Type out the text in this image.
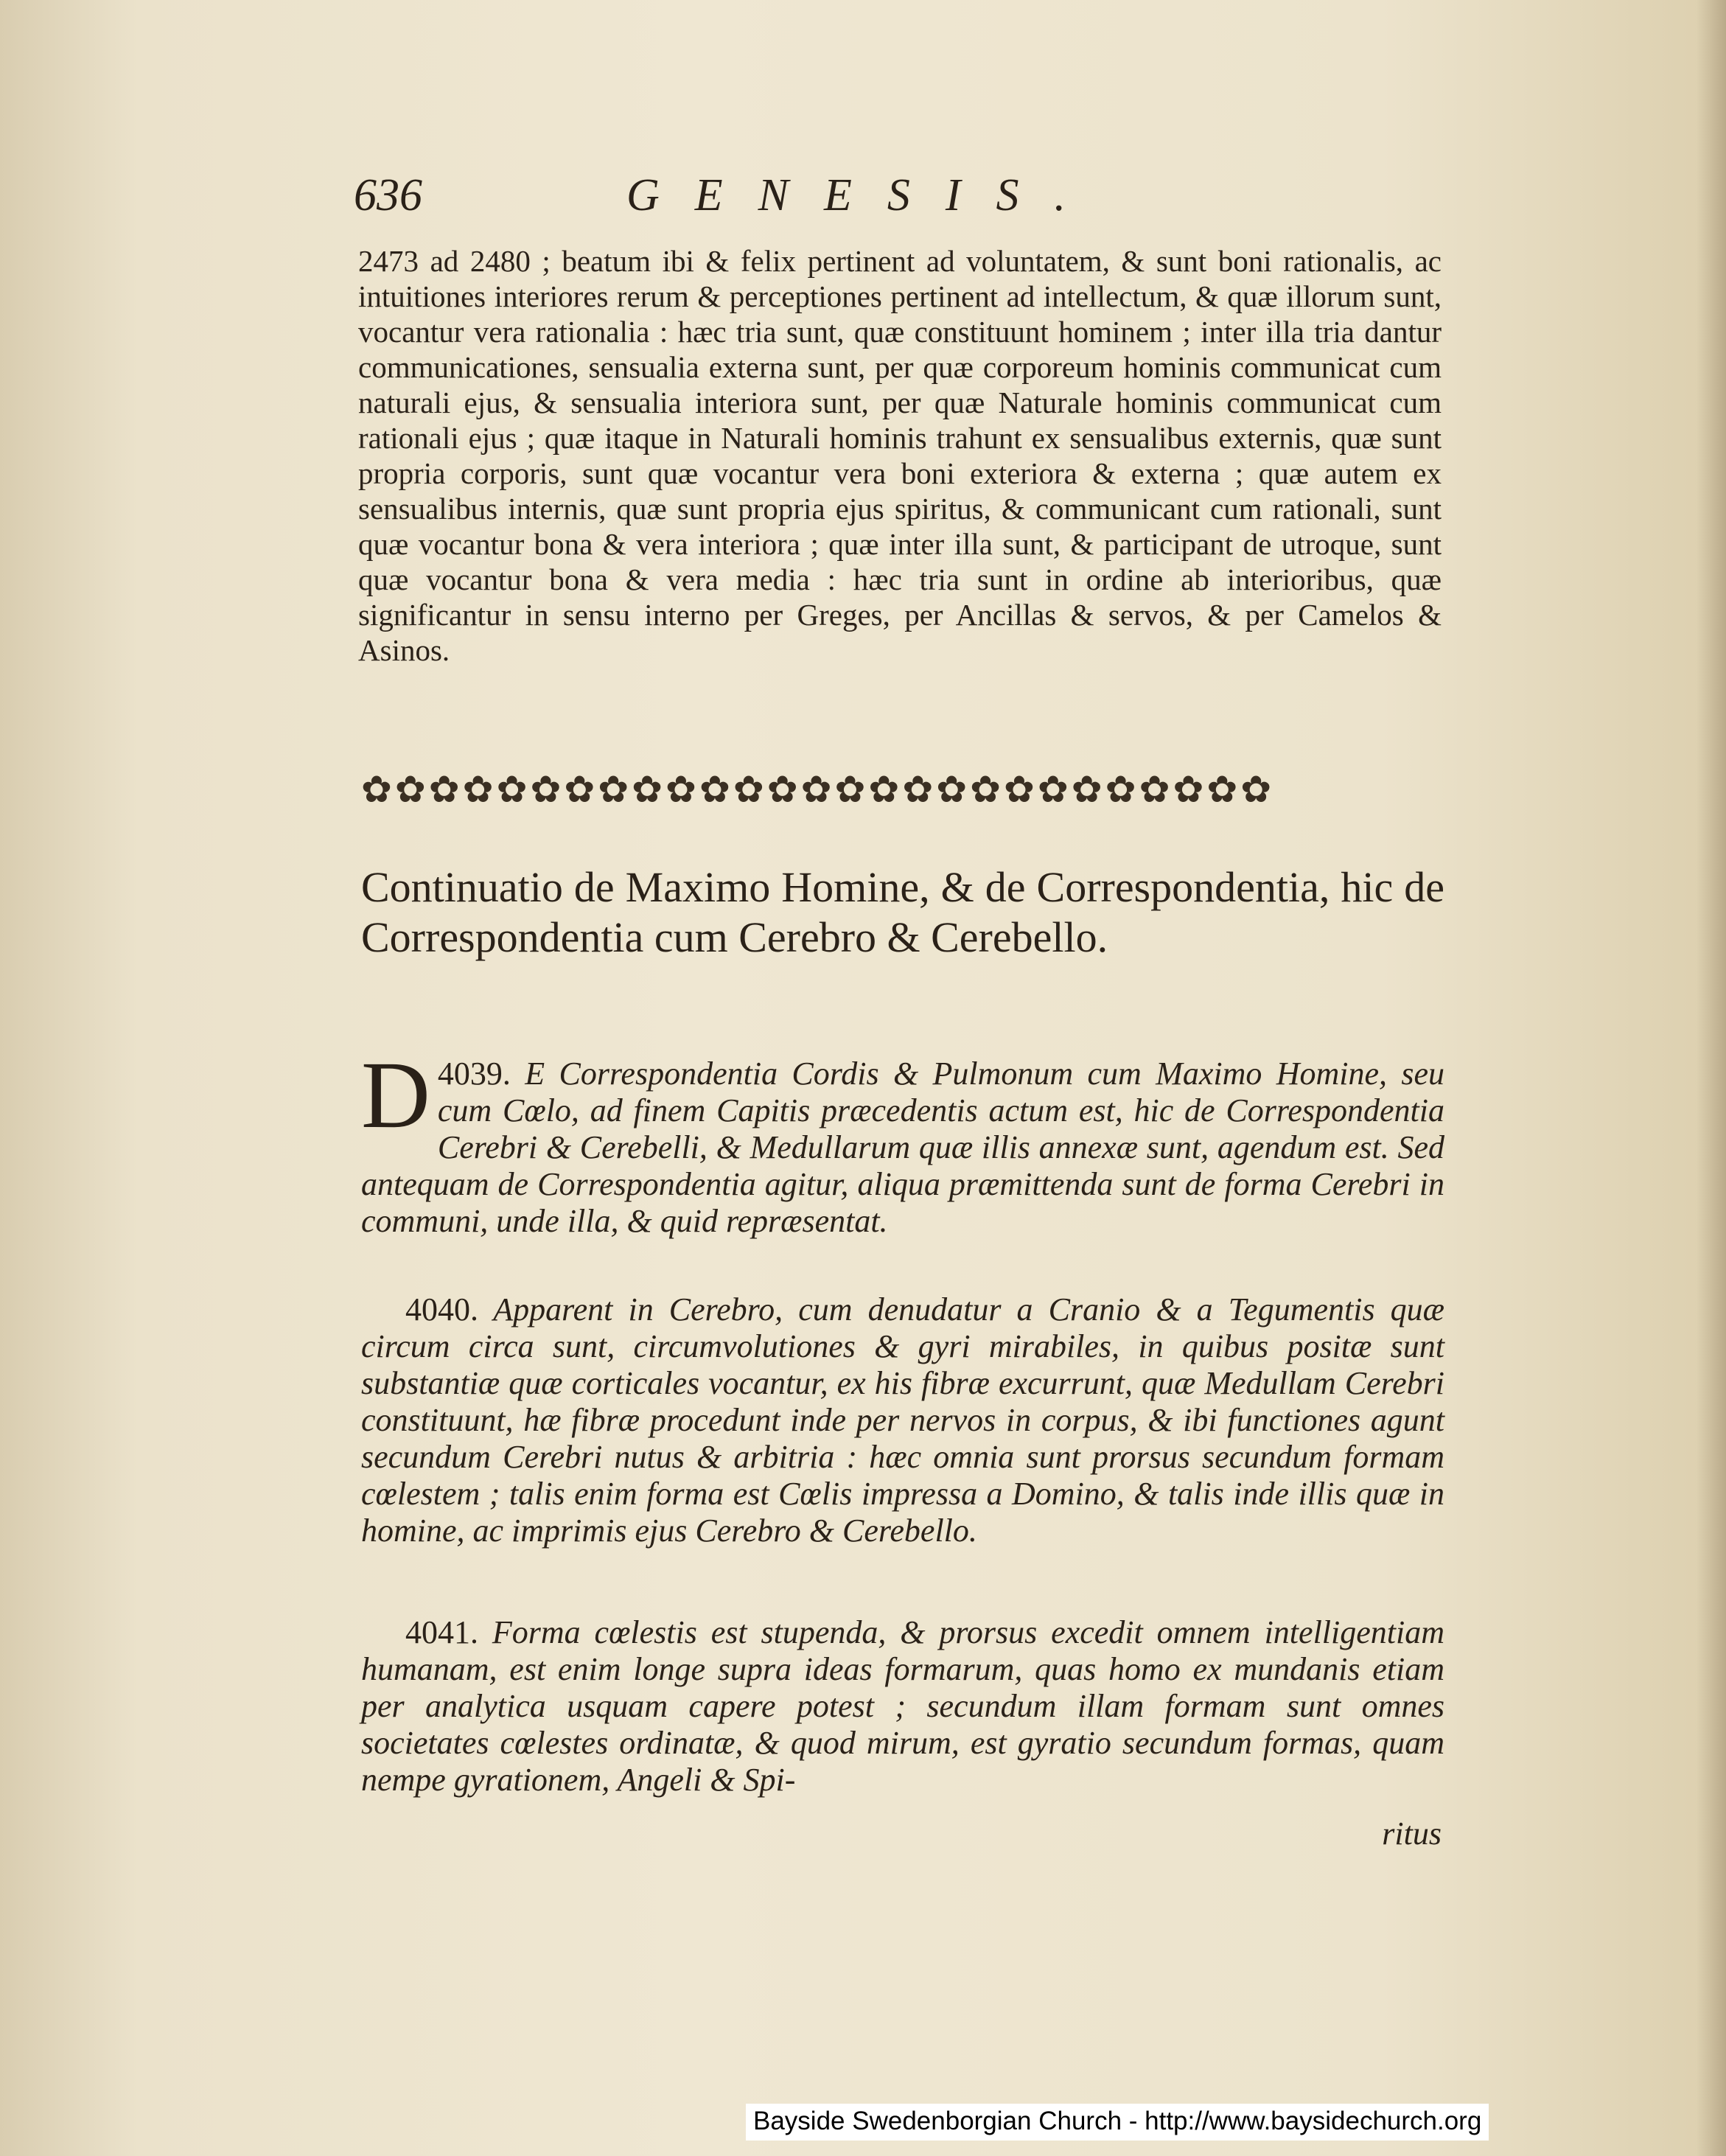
636	GENESIS.
2473 ad 2480 ; beatum ibi & felix pertinent ad voluntatem, & sunt boni rationalis, ac intuitiones interiores rerum & perceptiones pertinent ad intellectum, & quæ illorum sunt, vocantur vera rationalia : hæc tria sunt, quæ constituunt hominem ; inter illa tria dantur communicationes, sensualia externa sunt, per quæ corporeum hominis communicat cum naturali ejus, & sensualia interiora sunt, per quæ Naturale hominis communicat cum rationali ejus ; quæ itaque in Naturali hominis trahunt ex sensualibus externis, quæ sunt propria corporis, sunt quæ vocantur vera boni exteriora & externa ; quæ autem ex sensualibus internis, quæ sunt propria ejus spiritus, & communicant cum rationali, sunt quæ vocantur bona & vera interiora ; quæ inter illa sunt, & participant de utroque, sunt quæ vocantur bona & vera media : hæc tria sunt in ordine ab interioribus, quæ significantur in sensu interno per Greges, per Ancillas & servos, & per Camelos & Asinos.
✿✿✿✿✿✿✿✿✿✿✿✿✿✿✿✿✿✿✿✿✿✿✿✿✿✿✿
Continuatio de Maximo Homine, & de Correspondentia, hic de Correspondentia cum Cerebro & Cerebello.
4039.
D	E Correspondentia Cordis & Pulmonum cum Maximo Homine, seu cum Cœlo, ad finem Capitis præcedentis actum est, hic de Correspondentia Cerebri & Cerebelli, & Medullarum quæ illis annexæ sunt, agendum est. Sed antequam de Correspondentia agitur, aliqua præmittenda sunt de forma Cerebri in communi, unde illa, & quid repræsentat.
4040. Apparent in Cerebro, cum denudatur a Cranio & a Tegumentis quæ circum circa sunt, circumvolutiones & gyri mirabiles, in quibus positæ sunt substantiæ quæ corticales vocantur, ex his fibræ excurrunt, quæ Medullam Cerebri constituunt, hæ fibræ procedunt inde per nervos in corpus, & ibi functiones agunt secundum Cerebri nutus & arbitria : hæc omnia sunt prorsus secundum formam cœlestem ; talis enim forma est Cœlis impressa a Domino, & talis inde illis quæ in homine, ac imprimis ejus Cerebro & Cerebello.
4041. Forma cœlestis est stupenda, & prorsus excedit omnem intelligentiam humanam, est enim longe supra ideas formarum, quas homo ex mundanis etiam per analytica usquam capere potest ; secundum illam formam sunt omnes societates cœlestes ordinatæ, & quod mirum, est gyratio secundum formas, quam nempe gyrationem, Angeli & Spi-
ritus
Bayside Swedenborgian Church - http://www.baysidechurch.org
